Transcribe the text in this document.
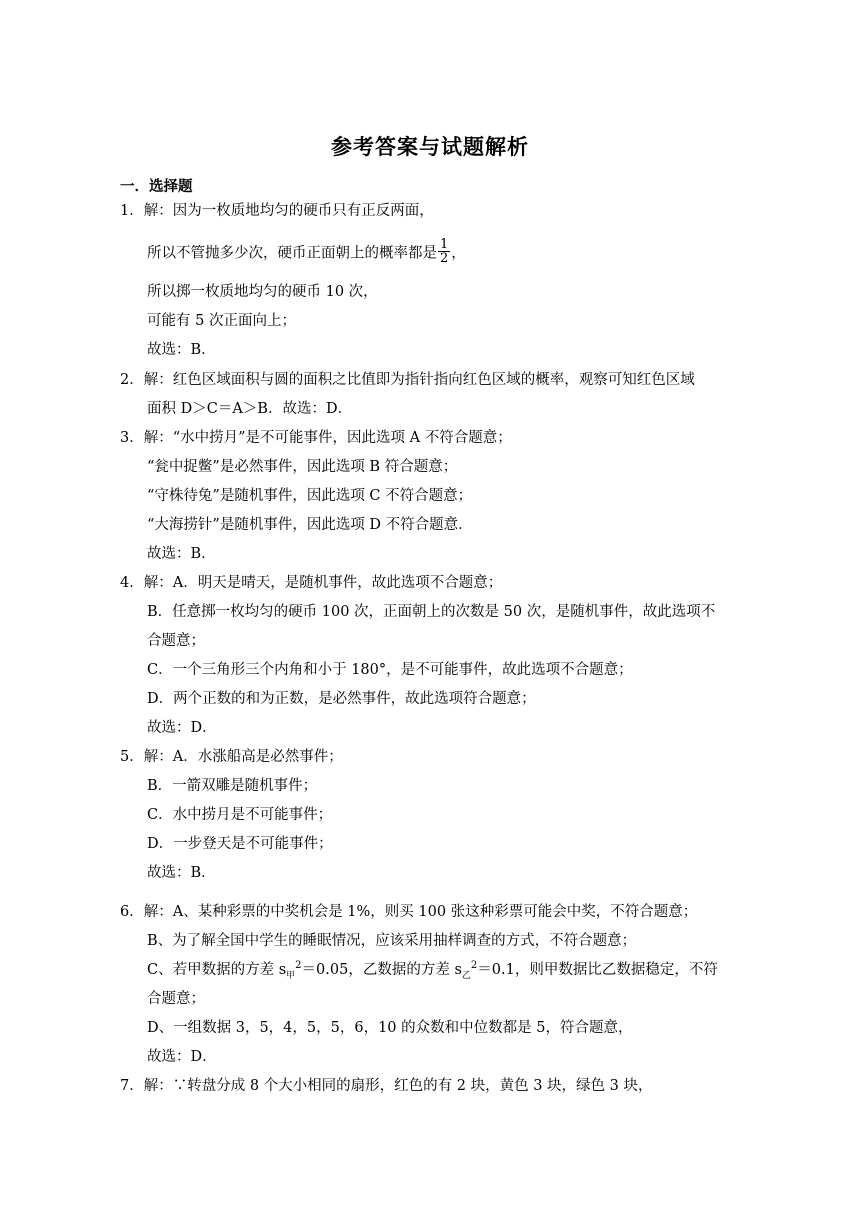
参考答案与试题解析
一．选择题
1．解：因为一枚质地均匀的硬币只有正反两面，
所以不管抛多少次，硬币正面朝上的概率都是 $\frac{1}{2}$ ，
所以掷一枚质地均匀的硬币 10 次，
可能有 5 次正面向上；
故选：B．
2．解：红色区域面积与圆的面积之比值即为指针指向红色区域的概率，观察可知红色区域
面积 D＞C＝A＞B．故选：D．
3．解：“水中捞月”是不可能事件，因此选项 A 不符合题意；
“瓮中捉鳖”是必然事件，因此选项 B 符合题意；
“守株待兔”是随机事件，因此选项 C 不符合题意；
“大海捞针”是随机事件，因此选项 D 不符合题意．
故选：B．
4．解：A．明天是晴天，是随机事件，故此选项不合题意；
B．任意掷一枚均匀的硬币 100 次，正面朝上的次数是 50 次，是随机事件，故此选项不
合题意；
C．一个三角形三个内角和小于 180°，是不可能事件，故此选项不合题意；
D．两个正数的和为正数，是必然事件，故此选项符合题意；
故选：D．
5．解：A．水涨船高是必然事件；
B．一箭双雕是随机事件；
C．水中捞月是不可能事件；
D．一步登天是不可能事件；
故选：B．
6．解：A、某种彩票的中奖机会是 1%，则买 100 张这种彩票可能会中奖，不符合题意；
B、为了解全国中学生的睡眠情况，应该采用抽样调查的方式，不符合题意；
C、若甲数据的方差 $s_甲^2=0.05$，乙数据的方差 $s_乙^2=0.1$，则甲数据比乙数据稳定，不符
合题意；
D、一组数据 3，5，4，5，5，6，10 的众数和中位数都是 5，符合题意，
故选：D．
7．解：∵转盘分成 8 个大小相同的扇形，红色的有 2 块，黄色 3 块，绿色 3 块，
